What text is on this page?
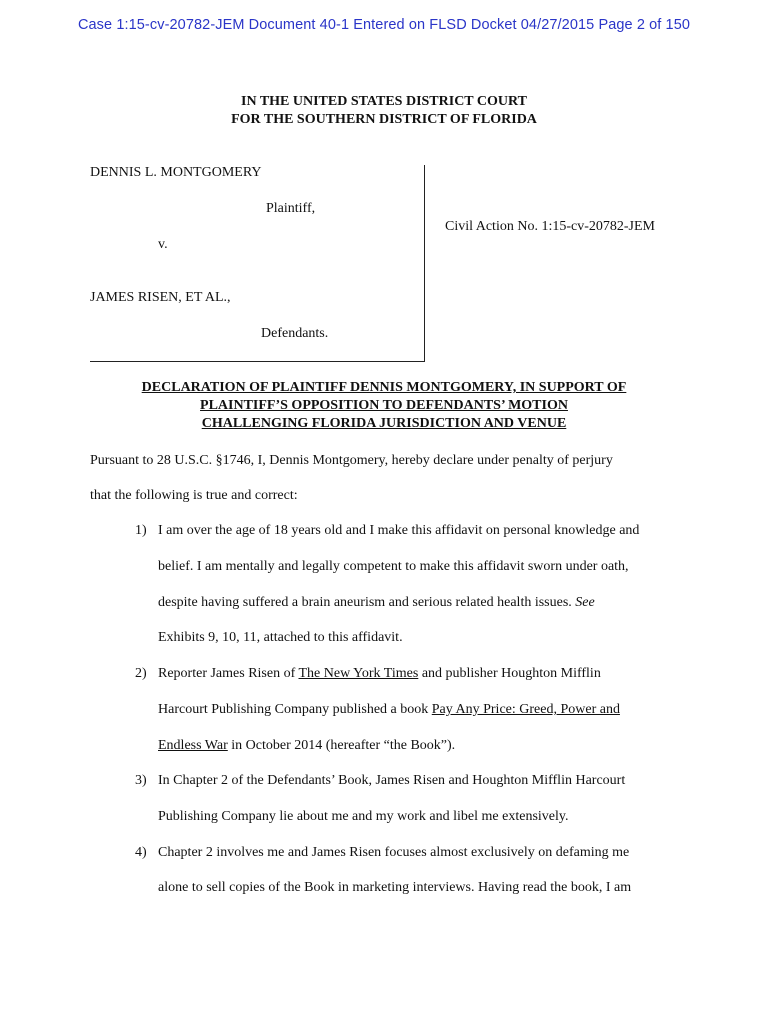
Case 1:15-cv-20782-JEM Document 40-1 Entered on FLSD Docket 04/27/2015 Page 2 of 150
IN THE UNITED STATES DISTRICT COURT
FOR THE SOUTHERN DISTRICT OF FLORIDA
DENNIS L. MONTGOMERY
Plaintiff,
v.
JAMES RISEN, ET AL.,
Defendants.
Civil Action No. 1:15-cv-20782-JEM
DECLARATION OF PLAINTIFF DENNIS MONTGOMERY, IN SUPPORT OF
PLAINTIFF’S OPPOSITION TO DEFENDANTS’ MOTION
CHALLENGING FLORIDA JURISDICTION AND VENUE
Pursuant to 28 U.S.C. §1746, I, Dennis Montgomery, hereby declare under penalty of perjury
that the following is true and correct:
1) I am over the age of 18 years old and I make this affidavit on personal knowledge and
belief. I am mentally and legally competent to make this affidavit sworn under oath,
despite having suffered a brain aneurism and serious related health issues. See
Exhibits 9, 10, 11, attached to this affidavit.
2) Reporter James Risen of The New York Times and publisher Houghton Mifflin
Harcourt Publishing Company published a book Pay Any Price: Greed, Power and
Endless War in October 2014 (hereafter “the Book”).
3) In Chapter 2 of the Defendants’ Book, James Risen and Houghton Mifflin Harcourt
Publishing Company lie about me and my work and libel me extensively.
4) Chapter 2 involves me and James Risen focuses almost exclusively on defaming me
alone to sell copies of the Book in marketing interviews. Having read the book, I am
